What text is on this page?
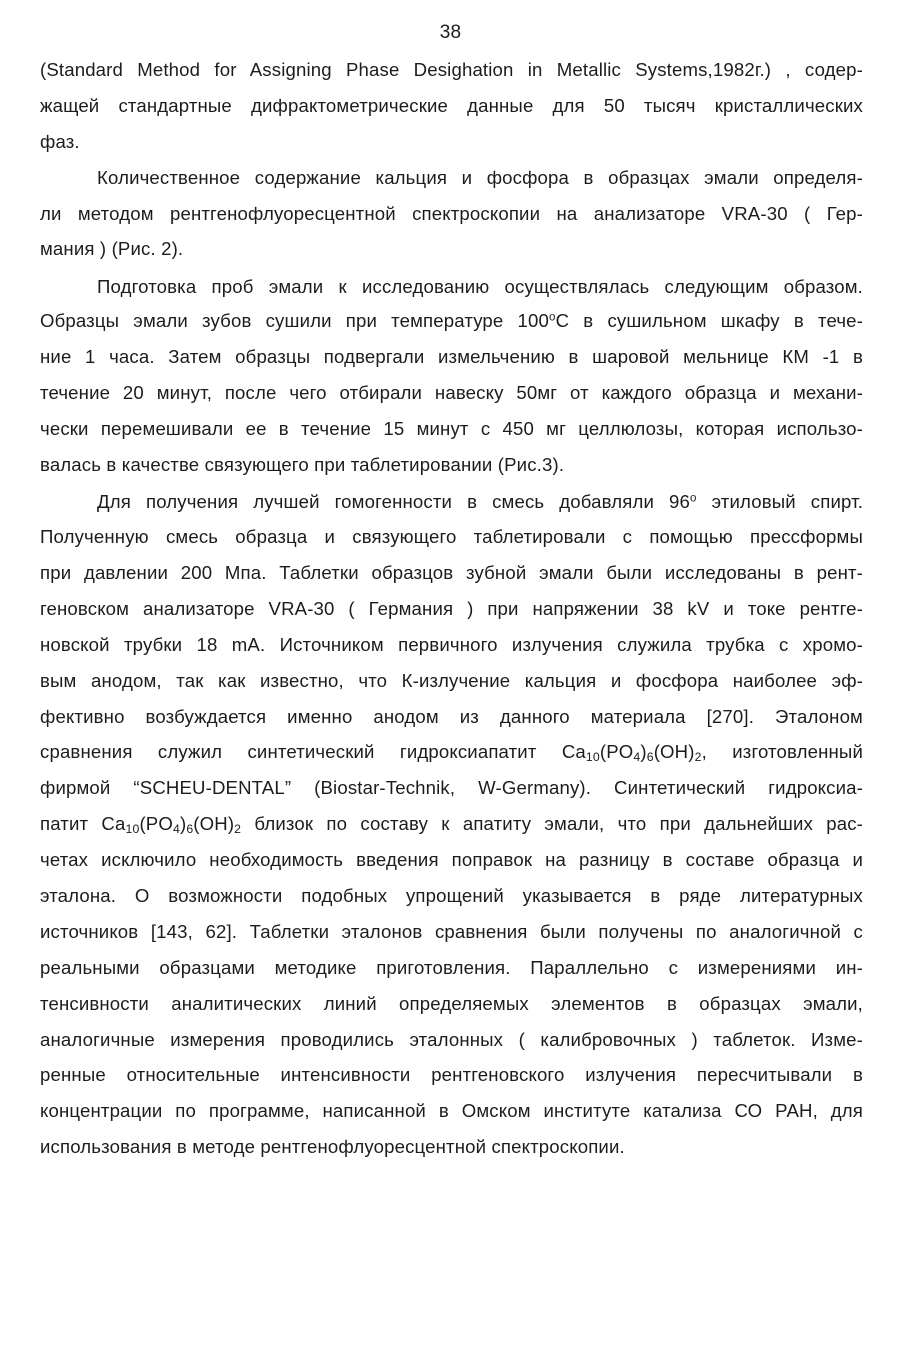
38
(Standard Method for Assigning Phase Desighation in Metallic Systems,1982г.) , содер-
жащей стандартные дифрактометрические данные для 50 тысяч кристаллических
фаз.
Количественное содержание кальция и фосфора в образцах эмали определя-
ли методом рентгенофлуоресцентной спектроскопии на анализаторе VRA-30 ( Гер-
мания ) (Рис. 2).
Подготовка проб эмали к исследованию осуществлялась следующим образом.
Образцы эмали зубов сушили при температуре 100$^o$C в сушильном шкафу в тече-
ние 1 часа. Затем образцы подвергали измельчению в шаровой мельнице КМ -1 в
течение 20 минут, после чего отбирали навеску 50мг от каждого образца и механи-
чески перемешивали ее в течение 15 минут с 450 мг целлюлозы, которая использо-
валась в качестве связующего при таблетировании (Рис.3).
Для получения лучшей гомогенности в смесь добавляли 96$^o$ этиловый спирт.
Полученную смесь образца и связующего таблетировали с помощью прессформы
при давлении 200 Мпа. Таблетки образцов зубной эмали были исследованы в рент-
геновском анализаторе VRA-30 ( Германия ) при напряжении 38 kV и токе рентге-
новской трубки 18 mA. Источником первичного излучения служила трубка с хромо-
вым анодом, так как известно, что К-излучение кальция и фосфора наиболее эф-
фективно возбуждается именно анодом из данного материала [270]. Эталоном
сравнения служил синтетический гидроксиапатит $Ca_{10}(PO_4)_6(OH)_2$, изготовленный
фирмой “SCHEU-DENTAL” (Biostar-Technik, W-Germany). Синтетический гидроксиа-
патит $Ca_{10}(PO_4)_6(OH)_2$ близок по составу к апатиту эмали, что при дальнейших рас-
четах исключило необходимость введения поправок на разницу в составе образца и
эталона. О возможности подобных упрощений указывается в ряде литературных
источников [143, 62]. Таблетки эталонов сравнения были получены по аналогичной с
реальными образцами методике приготовления. Параллельно с измерениями ин-
тенсивности аналитических линий определяемых элементов в образцах эмали,
аналогичные измерения проводились эталонных ( калибровочных ) таблеток. Изме-
ренные относительные интенсивности рентгеновского излучения пересчитывали в
концентрации по программе, написанной в Омском институте катализа СО РАН, для
использования в методе рентгенофлуоресцентной спектроскопии.
